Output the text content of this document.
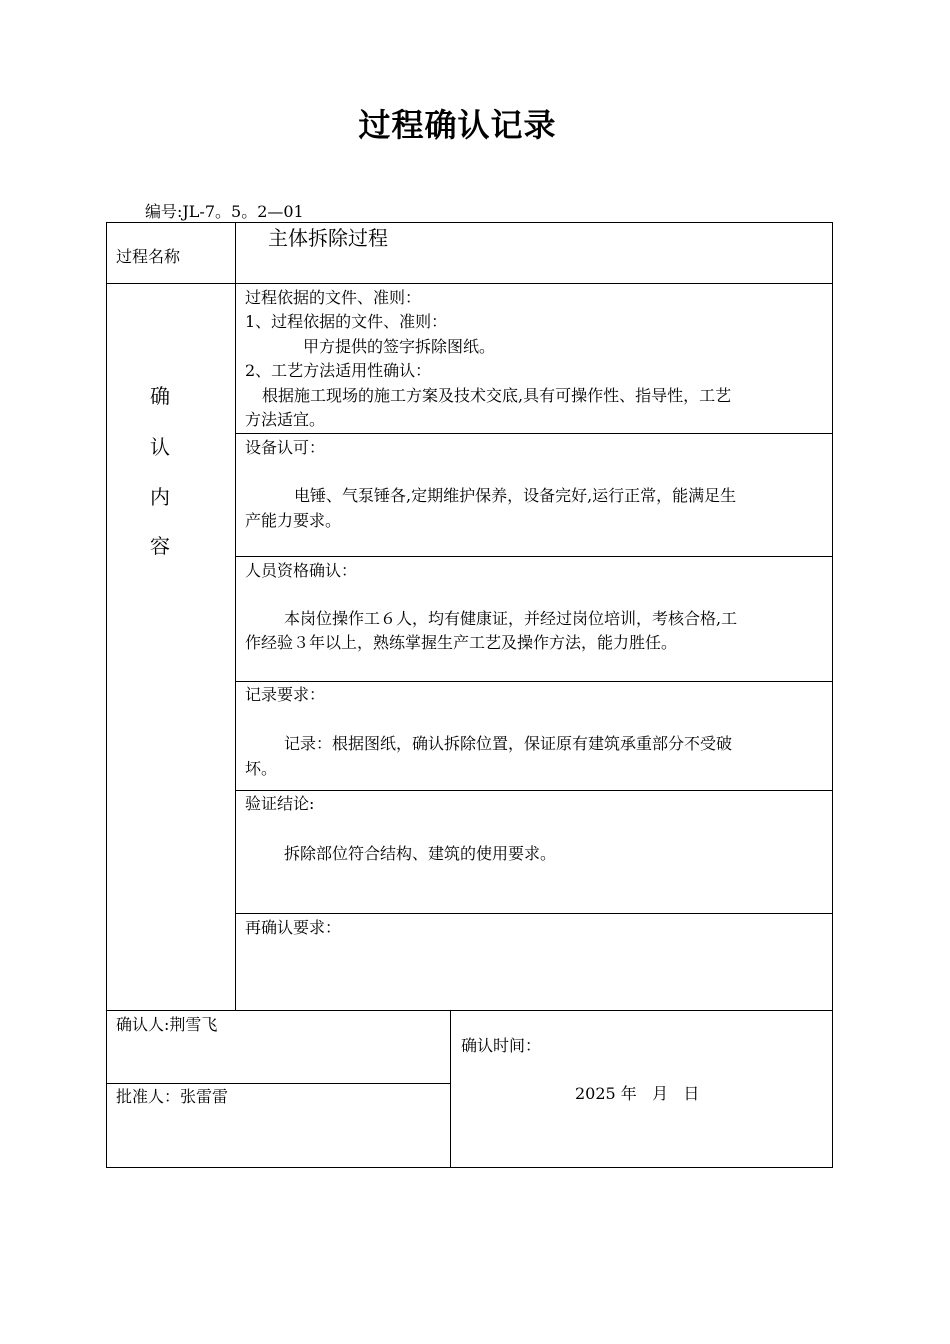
过程确认记录
编号:JL-7。5。2—01
过程名称
主体拆除过程
确
认
内
容
过程依据的文件、准则：
1、过程依据的文件、准则：
甲方提供的签字拆除图纸。
2、工艺方法适用性确认：
根据施工现场的施工方案及技术交底,具有可操作性、指导性，工艺
方法适宜。
设备认可：
电锤、气泵锤各,定期维护保养，设备完好,运行正常，能满足生
产能力要求。
人员资格确认：
本岗位操作工６人，均有健康证，并经过岗位培训，考核合格,工
作经验３年以上，熟练掌握生产工艺及操作方法，能力胜任。
记录要求：
记录：根据图纸，确认拆除位置，保证原有建筑承重部分不受破
坏。
验证结论:
拆除部位符合结构、建筑的使用要求。
再确认要求：
确认人:荆雪飞
批准人：张雷雷
确认时间：
2025 年   月   日
